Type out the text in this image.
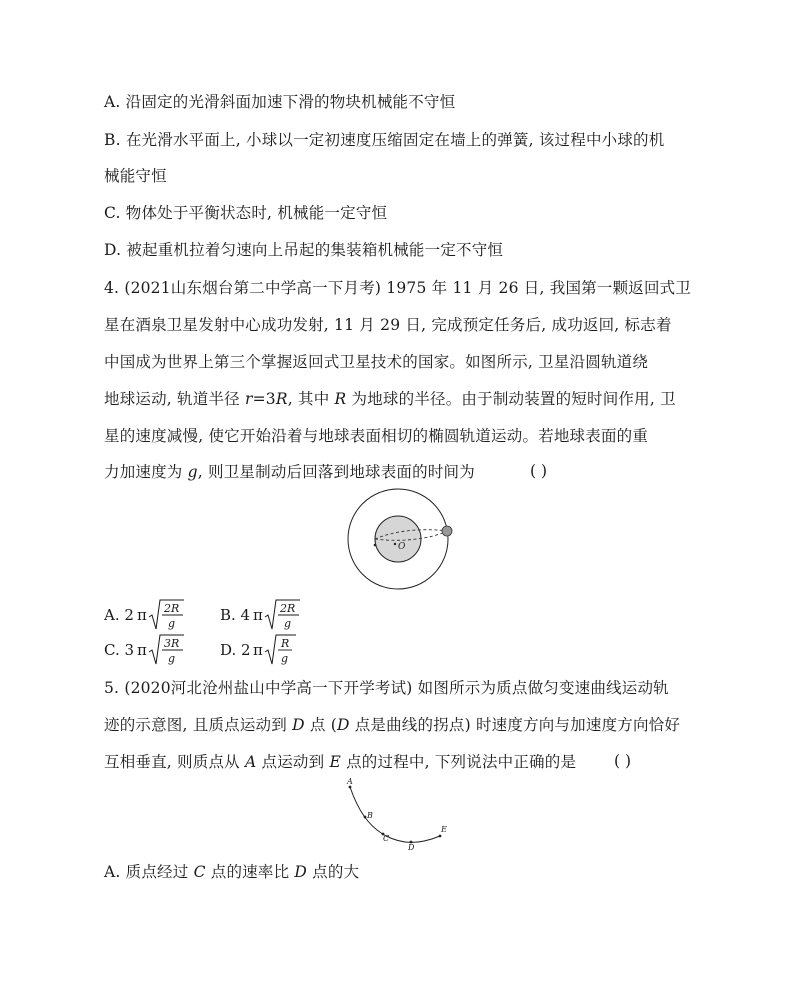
A. 沿固定的光滑斜面加速下滑的物块机械能不守恒
B. 在光滑水平面上, 小球以一定初速度压缩固定在墙上的弹簧, 该过程中小球的机
械能守恒
C. 物体处于平衡状态时, 机械能一定守恒
D. 被起重机拉着匀速向上吊起的集装箱机械能一定不守恒
4. (2021山东烟台第二中学高一下月考) 1975 年 11 月 26 日, 我国第一颗返回式卫
星在酒泉卫星发射中心成功发射, 11 月 29 日, 完成预定任务后, 成功返回, 标志着
中国成为世界上第三个掌握返回式卫星技术的国家。如图所示, 卫星沿圆轨道绕
地球运动, 轨道半径 r=3R, 其中 R 为地球的半径。由于制动装置的短时间作用, 卫
星的速度减慢, 使它开始沿着与地球表面相切的椭圆轨道运动。若地球表面的重
力加速度为 g, 则卫星制动后回落到地球表面的时间为	( )
O
A. 2 π 2R
g	B. 4 π 2R
g
C. 3 π 3R
g	D. 2 π R
g
5. (2020河北沧州盐山中学高一下开学考试) 如图所示为质点做匀变速曲线运动轨
迹的示意图, 且质点运动到 D 点 (D 点是曲线的拐点) 时速度方向与加速度方向恰好
互相垂直, 则质点从 A 点运动到 E 点的过程中, 下列说法中正确的是 ( )
A
B
C
D
E
A. 质点经过 C 点的速率比 D 点的大
